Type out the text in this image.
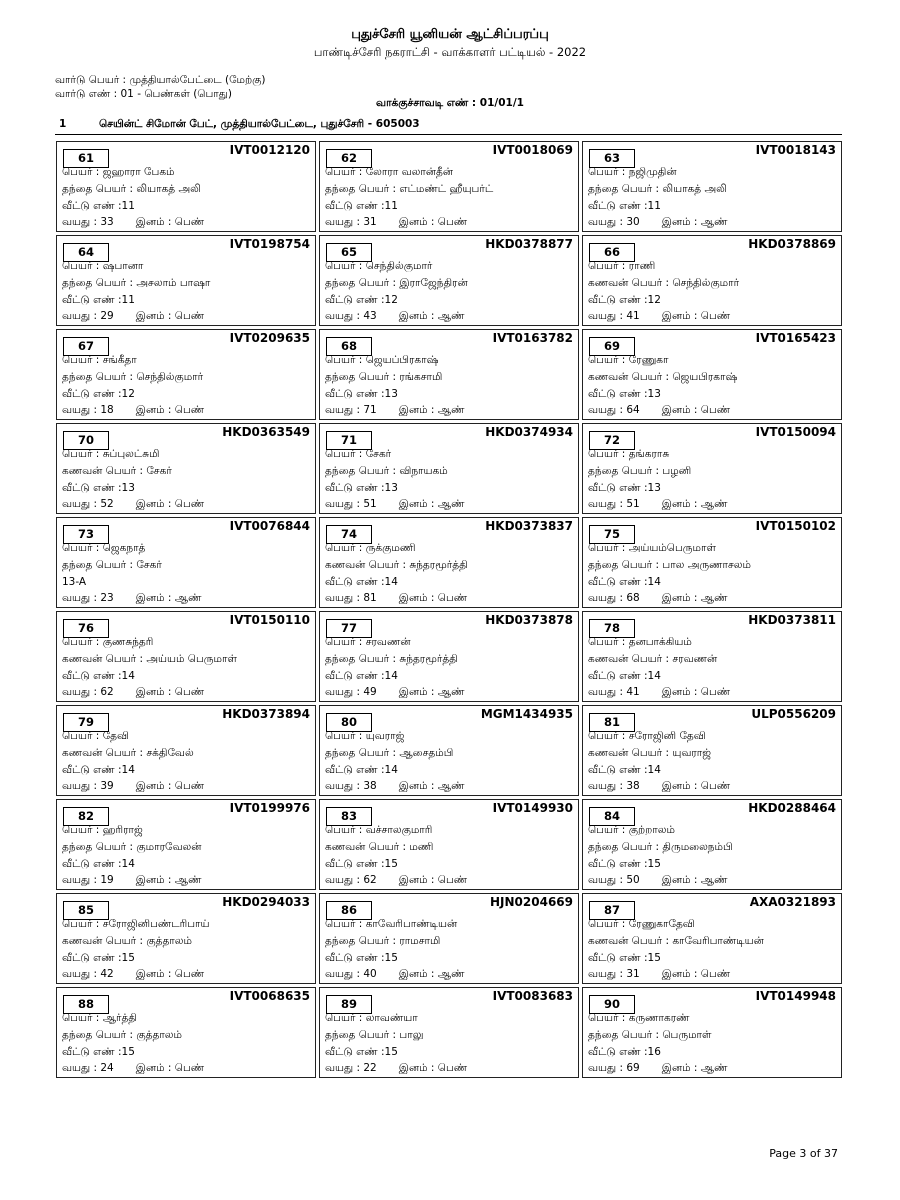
புதுச்சேரி யூனியன் ஆட்சிப்பரப்பு
பாண்டிச்சேரி நகராட்சி - வாக்காளர் பட்டியல் - 2022
வார்டு பெயர் : முத்தியால்பேட்டை (மேற்கு)
வார்டு எண் : 01 - பெண்கள் (பொது)
வாக்குச்சாவடி எண் : 01/01/1
1	செயின்ட் சிமோன் பேட், முத்தியால்பேட்டை, புதுச்சேரி - 605003
61
IVT0012120
பெயர் : ஜஹாரா பேகம்
தந்தை பெயர் : லியாகத் அலி
வீட்டு எண் :11
வயது : 33 இனம் : பெண்
62
IVT0018069
பெயர் : லோரா வலான்தீன்
தந்தை பெயர் : எட்மண்ட் ஹீயுபர்ட்
வீட்டு எண் :11
வயது : 31 இனம் : பெண்
63
IVT0018143
பெயர் : நஜிமுதின்
தந்தை பெயர் : லியாகத் அலி
வீட்டு எண் :11
வயது : 30 இனம் : ஆண்
64
IVT0198754
பெயர் : ஷபானா
தந்தை பெயர் : அசலாம் பாஷா
வீட்டு எண் :11
வயது : 29 இனம் : பெண்
65
HKD0378877
பெயர் : செந்தில்குமார்
தந்தை பெயர் : இராஜேந்திரன்
வீட்டு எண் :12
வயது : 43 இனம் : ஆண்
66
HKD0378869
பெயர் : ராணி
கணவன் பெயர் : செந்தில்குமார்
வீட்டு எண் :12
வயது : 41 இனம் : பெண்
67
IVT0209635
பெயர் : சங்கீதா
தந்தை பெயர் : செந்தில்குமார்
வீட்டு எண் :12
வயது : 18 இனம் : பெண்
68
IVT0163782
பெயர் : ஜெயப்பிரகாஷ்
தந்தை பெயர் : ரங்கசாமி
வீட்டு எண் :13
வயது : 71 இனம் : ஆண்
69
IVT0165423
பெயர் : ரேணுகா
கணவன் பெயர் : ஜெயபிரகாஷ்
வீட்டு எண் :13
வயது : 64 இனம் : பெண்
70
HKD0363549
பெயர் : சுப்புலட்சுமி
கணவன் பெயர் : சேகர்
வீட்டு எண் :13
வயது : 52 இனம் : பெண்
71
HKD0374934
பெயர் : சேகர்
தந்தை பெயர் : விநாயகம்
வீட்டு எண் :13
வயது : 51 இனம் : ஆண்
72
IVT0150094
பெயர் : தங்கராசு
தந்தை பெயர் : பழனி
வீட்டு எண் :13
வயது : 51 இனம் : ஆண்
73
IVT0076844
பெயர் : ஜெகநாத்
தந்தை பெயர் : சேகர்
13-A
வயது : 23 இனம் : ஆண்
74
HKD0373837
பெயர் : ருக்குமணி
கணவன் பெயர் : சுந்தரமூர்த்தி
வீட்டு எண் :14
வயது : 81 இனம் : பெண்
75
IVT0150102
பெயர் : அய்யம்பெருமாள்
தந்தை பெயர் : பால அருணாசலம்
வீட்டு எண் :14
வயது : 68 இனம் : ஆண்
76
IVT0150110
பெயர் : குணசுந்தரி
கணவன் பெயர் : அய்யம் பெருமாள்
வீட்டு எண் :14
வயது : 62 இனம் : பெண்
77
HKD0373878
பெயர் : சரவணன்
தந்தை பெயர் : சுந்தரமூர்த்தி
வீட்டு எண் :14
வயது : 49 இனம் : ஆண்
78
HKD0373811
பெயர் : தனபாக்கியம்
கணவன் பெயர் : சரவணன்
வீட்டு எண் :14
வயது : 41 இனம் : பெண்
79
HKD0373894
பெயர் : தேவி
கணவன் பெயர் : சக்திவேல்
வீட்டு எண் :14
வயது : 39 இனம் : பெண்
80
MGM1434935
பெயர் : யுவராஜ்
தந்தை பெயர் : ஆசைதம்பி
வீட்டு எண் :14
வயது : 38 இனம் : ஆண்
81
ULP0556209
பெயர் : சரோஜினி தேவி
கணவன் பெயர் : யுவராஜ்
வீட்டு எண் :14
வயது : 38 இனம் : பெண்
82
IVT0199976
பெயர் : ஹரிராஜ்
தந்தை பெயர் : குமாரவேலன்
வீட்டு எண் :14
வயது : 19 இனம் : ஆண்
83
IVT0149930
பெயர் : வச்சாலகுமாரி
கணவன் பெயர் : மணி
வீட்டு எண் :15
வயது : 62 இனம் : பெண்
84
HKD0288464
பெயர் : குற்றாலம்
தந்தை பெயர் : திருமலைநம்பி
வீட்டு எண் :15
வயது : 50 இனம் : ஆண்
85
HKD0294033
பெயர் : சரோஜினிபண்டரிபாய்
கணவன் பெயர் : குத்தாலம்
வீட்டு எண் :15
வயது : 42 இனம் : பெண்
86
HJN0204669
பெயர் : காவேரிபாண்டியன்
தந்தை பெயர் : ராமசாமி
வீட்டு எண் :15
வயது : 40 இனம் : ஆண்
87
AXA0321893
பெயர் : ரேணுகாதேவி
கணவன் பெயர் : காவேரிபாண்டியன்
வீட்டு எண் :15
வயது : 31 இனம் : பெண்
88
IVT0068635
பெயர் : ஆர்த்தி
தந்தை பெயர் : குத்தாலம்
வீட்டு எண் :15
வயது : 24 இனம் : பெண்
89
IVT0083683
பெயர் : லாவண்யா
தந்தை பெயர் : பாலு
வீட்டு எண் :15
வயது : 22 இனம் : பெண்
90
IVT0149948
பெயர் : கருணாகரண்
தந்தை பெயர் : பெருமாள்
வீட்டு எண் :16
வயது : 69 இனம் : ஆண்
Page 3 of 37
